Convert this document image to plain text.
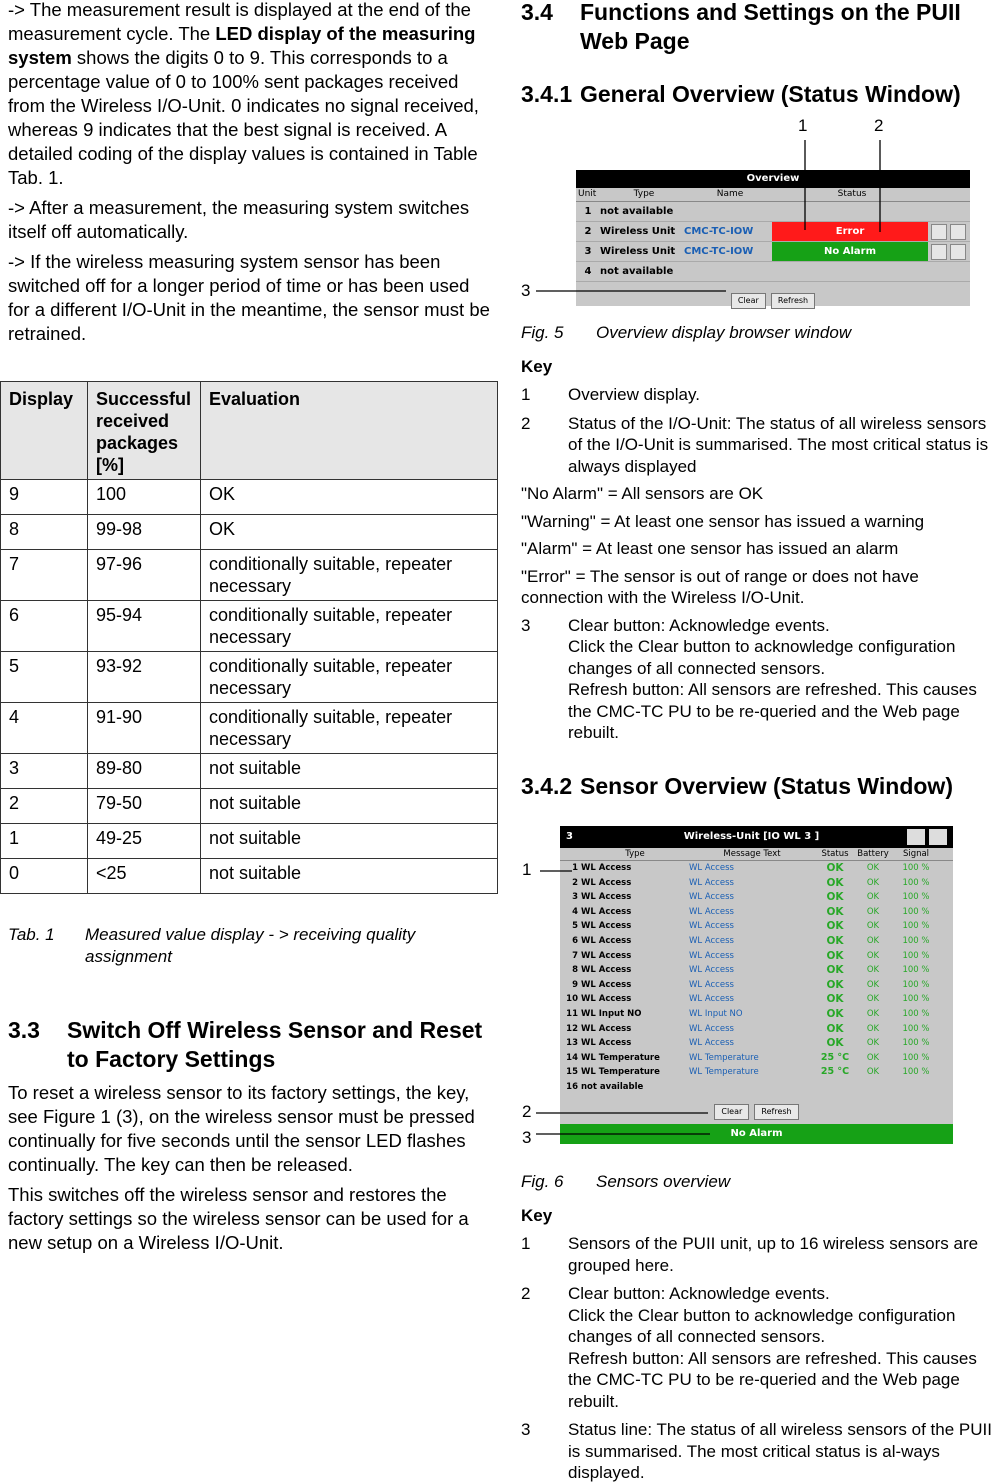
-> The measurement result is displayed at the end of the measurement cycle. The LED display of the measuring system shows the digits 0 to 9. This corresponds to a percentage value of 0 to 100% sent packages received from the Wireless I/O-Unit. 0 indicates no signal received, whereas 9 indicates that the best signal is received. A detailed coding of the display values is contained in Table Tab. 1.

-> After a measurement, the measuring system switches itself off automatically.

-> If the wireless measuring system sensor has been switched off for a longer period of time or has been used for a different I/O-Unit in the meantime, the sensor must be retrained.

Display	Successful received packages [%]	Evaluation
9	100	OK
8	99-98	OK
7	97-96	conditionally suitable, repeater necessary
6	95-94	conditionally suitable, repeater necessary
5	93-92	conditionally suitable, repeater necessary
4	91-90	conditionally suitable, repeater necessary
3	89-80	not suitable
2	79-50	not suitable
1	49-25	not suitable
0	<25	not suitable
Tab. 1	Measured value display - > receiving quality assignment
3.3	Switch Off Wireless Sensor and Reset to Factory Settings

To reset a wireless sensor to its factory settings, the key, see Figure 1 (3), on the wireless sensor must be pressed continually for five seconds until the sensor LED flashes continually. The key can then be released.

This switches off the wireless sensor and restores the factory settings so the wireless sensor can be used for a new setup on a Wireless I/O-Unit.

3.4	Functions and Settings on the PUII Web Page
3.4.1 General Overview (Status Window)
1	2
3
Overview
Unit	Type	Name	Status
1 not available
2 Wireless Unit CMC-TC-IOW	Error
3 Wireless Unit CMC-TC-IOW	No Alarm
4 not available
Clear Refresh
Fig. 5	Overview display browser window
Key
1	Overview display.
2	Status of the I/O-Unit: The status of all wireless sensors of the I/O-Unit is summarised. The most critical status is always displayed
"No Alarm" = All sensors are OK
"Warning" = At least one sensor has issued a warning
"Alarm" = At least one sensor has issued an alarm
"Error" = The sensor is out of range or does not have connection with the Wireless I/O-Unit.
3	Clear button: Acknowledge events.
Click the Clear button to acknowledge configuration changes of all connected sensors.
Refresh button: All sensors are refreshed. This causes the CMC-TC PU to be re-queried and the Web page rebuilt.
3.4.2 Sensor Overview (Status Window)
1
2
3
3	Wireless-Unit [IO WL 3 ]
Type	Message Text	Status	Battery	Signal
1 WL Access	WL Access	OK	OK	100 %
2 WL Access	WL Access	OK	OK	100 %
3 WL Access	WL Access	OK	OK	100 %
4 WL Access	WL Access	OK	OK	100 %
5 WL Access	WL Access	OK	OK	100 %
6 WL Access	WL Access	OK	OK	100 %
7 WL Access	WL Access	OK	OK	100 %
8 WL Access	WL Access	OK	OK	100 %
9 WL Access	WL Access	OK	OK	100 %
10 WL Access	WL Access	OK	OK	100 %
11 WL Input NO	WL Input NO	OK	OK	100 %
12 WL Access	WL Access	OK	OK	100 %
13 WL Access	WL Access	OK	OK	100 %
14 WL Temperature	WL Temperature	25 °C	OK	100 %
15 WL Temperature	WL Temperature	25 °C	OK	100 %
16 not available
Clear Refresh
No Alarm
Fig. 6	Sensors overview
Key
1	Sensors of the PUII unit, up to 16 wireless sensors are grouped here.
2	Clear button: Acknowledge events.
Click the Clear button to acknowledge configuration changes of all connected sensors.
Refresh button: All sensors are refreshed. This causes the CMC-TC PU to be re-queried and the Web page rebuilt.
3	Status line: The status of all wireless sensors of the PUII is summarised. The most critical status is al-ways displayed.
